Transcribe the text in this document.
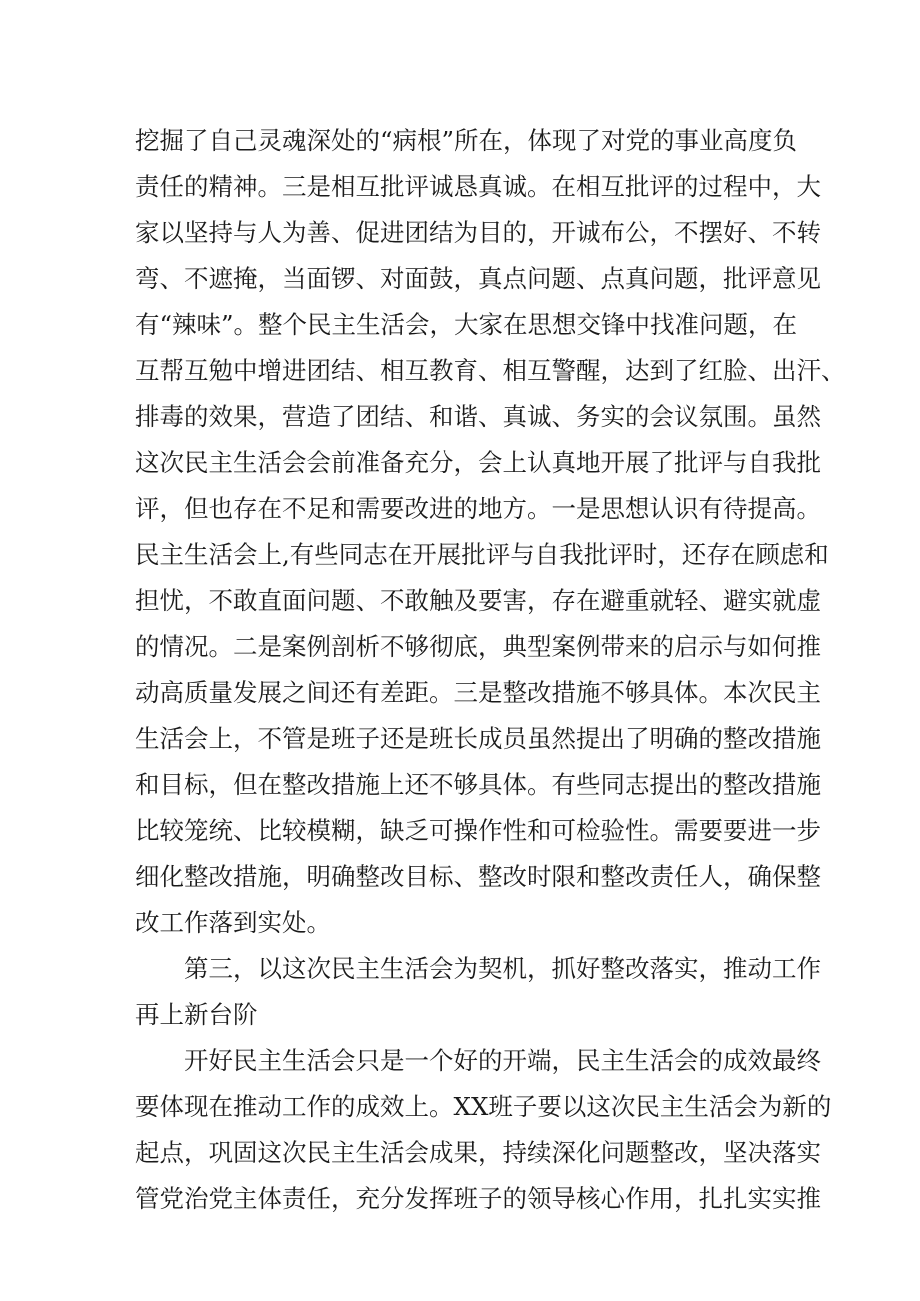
挖掘了自己灵魂深处的“病根”所在，体现了对党的事业高度负
责任的精神。三是相互批评诚恳真诚。在相互批评的过程中，大
家以坚持与人为善、促进团结为目的，开诚布公，不摆好、不转
弯、不遮掩，当面锣、对面鼓，真点问题、点真问题，批评意见
有“辣味”。整个民主生活会，大家在思想交锋中找准问题，在
互帮互勉中增进团结、相互教育、相互警醒，达到了红脸、出汗、
排毒的效果，营造了团结、和谐、真诚、务实的会议氛围。虽然
这次民主生活会会前准备充分，会上认真地开展了批评与自我批
评，但也存在不足和需要改进的地方。一是思想认识有待提高。
民主生活会上,有些同志在开展批评与自我批评时，还存在顾虑和
担忧，不敢直面问题、不敢触及要害，存在避重就轻、避实就虚
的情况。二是案例剖析不够彻底，典型案例带来的启示与如何推
动高质量发展之间还有差距。三是整改措施不够具体。本次民主
生活会上，不管是班子还是班长成员虽然提出了明确的整改措施
和目标，但在整改措施上还不够具体。有些同志提出的整改措施
比较笼统、比较模糊，缺乏可操作性和可检验性。需要要进一步
细化整改措施，明确整改目标、整改时限和整改责任人，确保整
改工作落到实处。
第三，以这次民主生活会为契机，抓好整改落实，推动工作
再上新台阶
开好民主生活会只是一个好的开端，民主生活会的成效最终
要体现在推动工作的成效上。XX班子要以这次民主生活会为新的
起点，巩固这次民主生活会成果，持续深化问题整改，坚决落实
管党治党主体责任，充分发挥班子的领导核心作用，扎扎实实推
